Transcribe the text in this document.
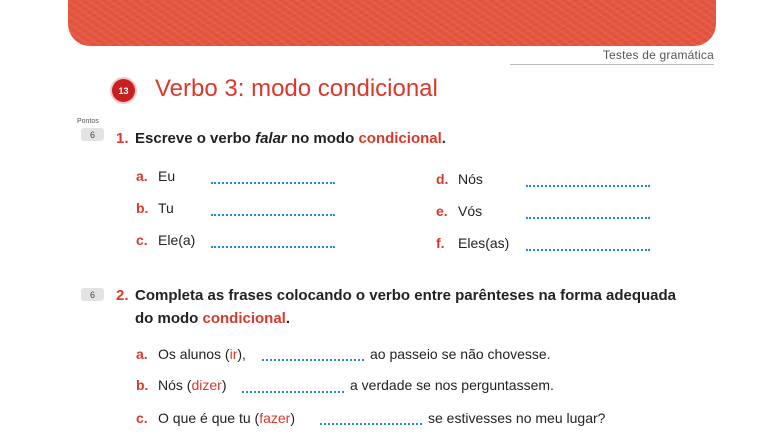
Testes de gramática
13 Verbo 3: modo condicional
Pontos
6	1. Escreve o verbo falar no modo condicional.
a. Eu
b. Tu
c. Ele(a)
d. Nós
e. Vós
f. Eles(as)
6	2. Completa as frases colocando o verbo entre parênteses na forma adequada
do modo condicional.
a. Os alunos (ir),	ao passeio se não chovesse.
b. Nós (dizer)	a verdade se nos perguntassem.
c. O que é que tu (fazer)	se estivesses no meu lugar?
